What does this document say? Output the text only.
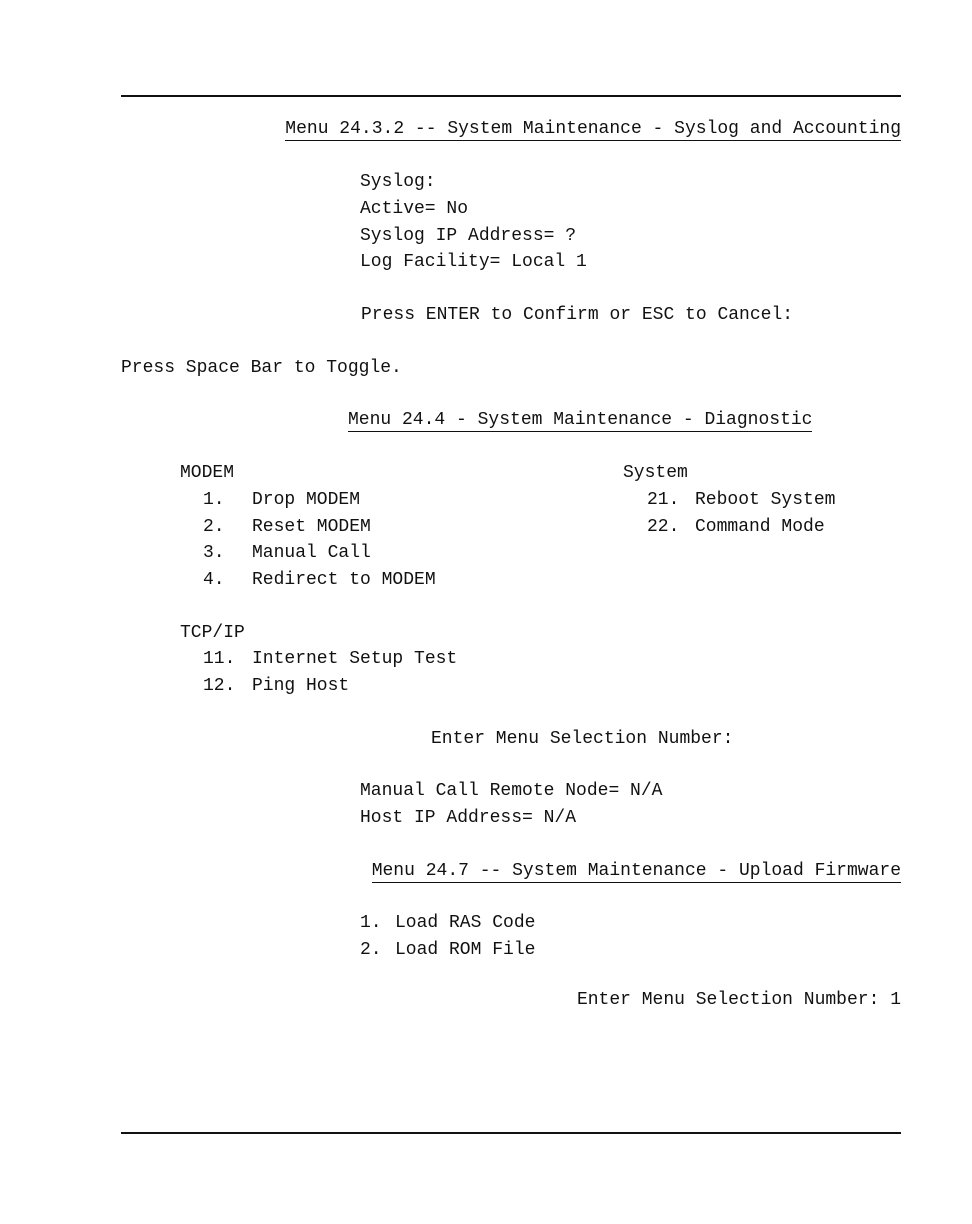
Menu 24.3.2 -- System Maintenance - Syslog and Accounting
Syslog:
Active= No
Syslog IP Address= ?
Log Facility= Local 1
Press ENTER to Confirm or ESC to Cancel:
Press Space Bar to Toggle.
Menu 24.4 - System Maintenance - Diagnostic
MODEM
1. Drop MODEM
2. Reset MODEM
3. Manual Call
4. Redirect to MODEM
System
21. Reboot System
22. Command Mode
TCP/IP
11. Internet Setup Test
12. Ping Host
Enter Menu Selection Number:
Manual Call Remote Node= N/A
Host IP Address= N/A
Menu 24.7 -- System Maintenance - Upload Firmware
1. Load RAS Code
2. Load ROM File
Enter Menu Selection Number: 1
